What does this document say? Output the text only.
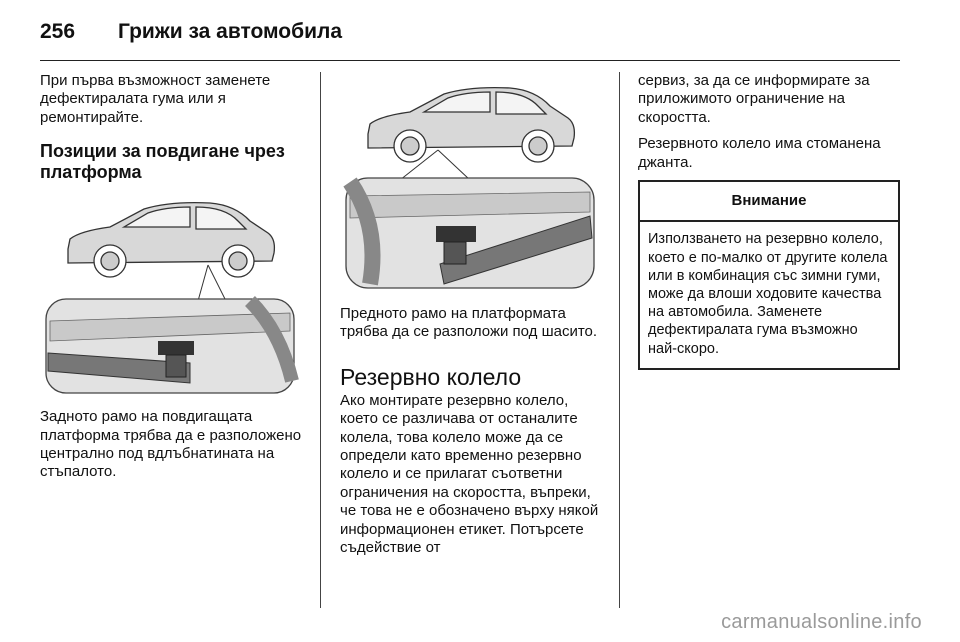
256	Грижи за автомобила

При първа възможност заменете дефектиралата гума или я ремонтирайте.

Позиции за повдигане чрез платформа

Задното рамо на повдигащата платформа трябва да е разположено централно под вдлъбнатината на стъпалото.

Предното рамо на платформата трябва да се разположи под шасито.

Резервно колело

Ако монтирате резервно колело, което се различава от останалите колела, това колело може да се определи като временно резервно колело и се прилагат съответни ограничения на скоростта, въпреки, че това не е обозначено върху някой информационен етикет. Потърсете съдействие от

сервиз, за да се информирате за приложимото ограничение на скоростта.

Резервното колело има стоманена джанта.

Внимание
Използването на резервно колело, което е по-малко от другите колела или в комбинация със зимни гуми, може да влоши ходовите качества на автомобила. Заменете дефектиралата гума възможно най-скоро.
carmanualsonline.info
